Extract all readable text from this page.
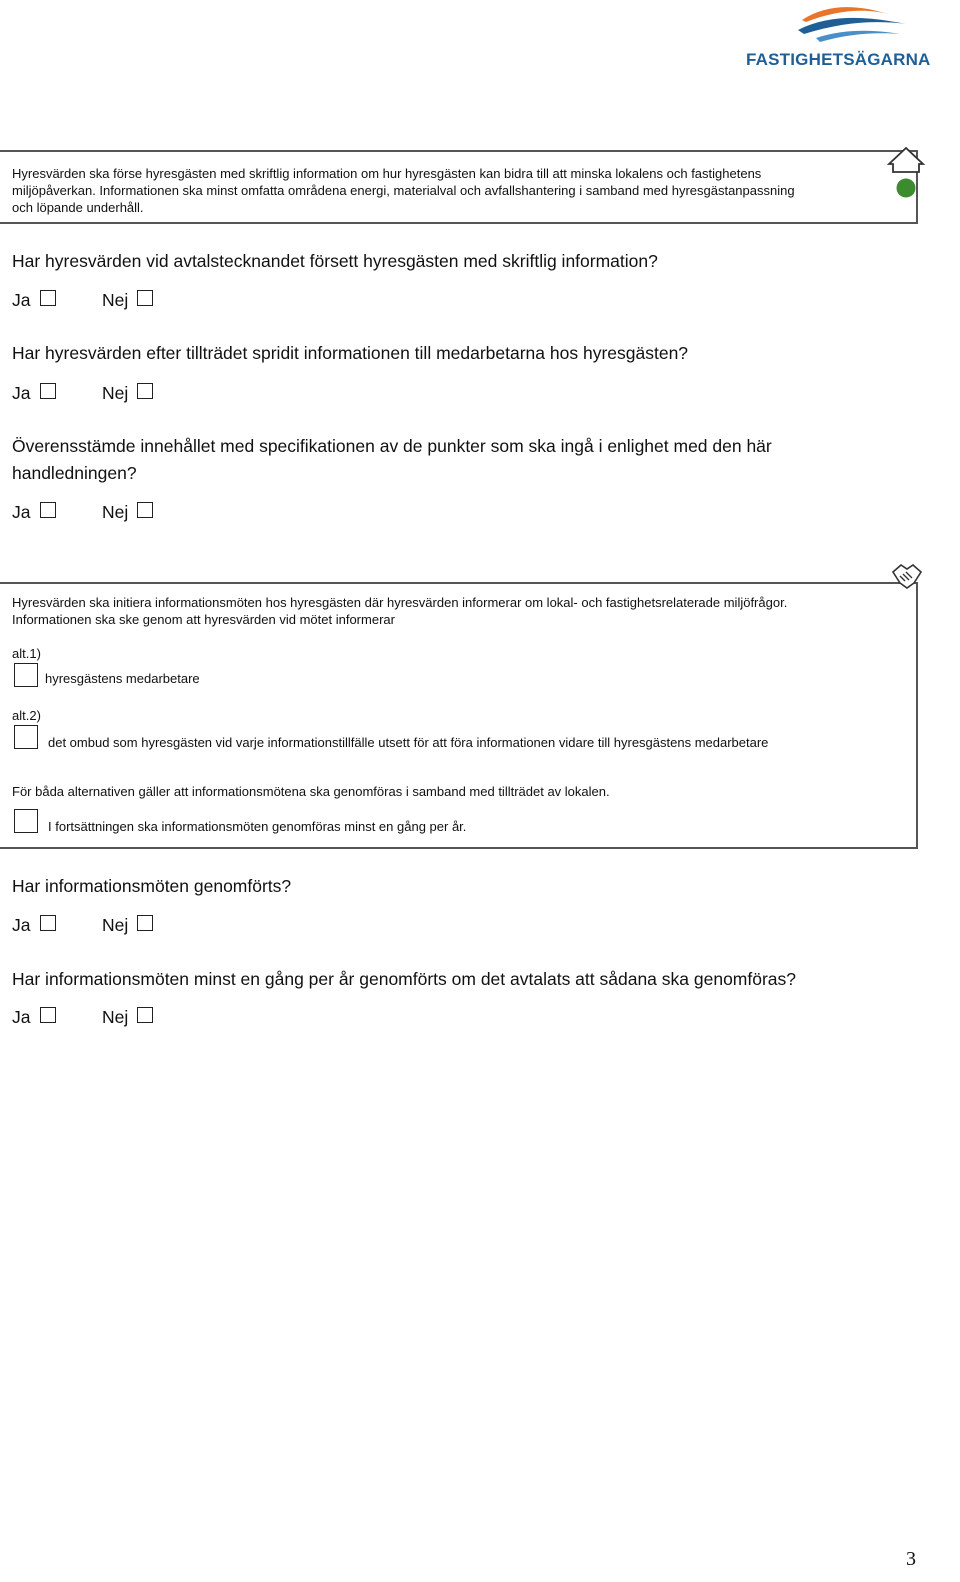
FASTIGHETSÄGARNA
Hyresvärden ska förse hyresgästen med skriftlig information om hur hyresgästen kan bidra till att minska lokalens och fastighetens
miljöpåverkan. Informationen ska minst omfatta områdena energi, materialval och avfallshantering i samband med hyresgästanpassning
och löpande underhåll.
Har hyresvärden vid avtalstecknandet försett hyresgästen med skriftlig information?
Ja	Nej
Har hyresvärden efter tillträdet spridit informationen till medarbetarna hos hyresgästen?
Ja	Nej
Överensstämde innehållet med specifikationen av de punkter som ska ingå i enlighet med den här handledningen?
Ja	Nej
Hyresvärden ska initiera informationsmöten hos hyresgästen där hyresvärden informerar om lokal- och fastighetsrelaterade miljöfrågor.
Informationen ska ske genom att hyresvärden vid mötet informerar
alt.1)
hyresgästens medarbetare
alt.2)
det ombud som hyresgästen vid varje informationstillfälle utsett för att föra informationen vidare till hyresgästens medarbetare
För båda alternativen gäller att informationsmötena ska genomföras i samband med tillträdet av lokalen.
I fortsättningen ska informationsmöten genomföras minst en gång per år.
Har informationsmöten genomförts?
Ja	Nej
Har informationsmöten minst en gång per år genomförts om det avtalats att sådana ska genomföras?
Ja	Nej
3
